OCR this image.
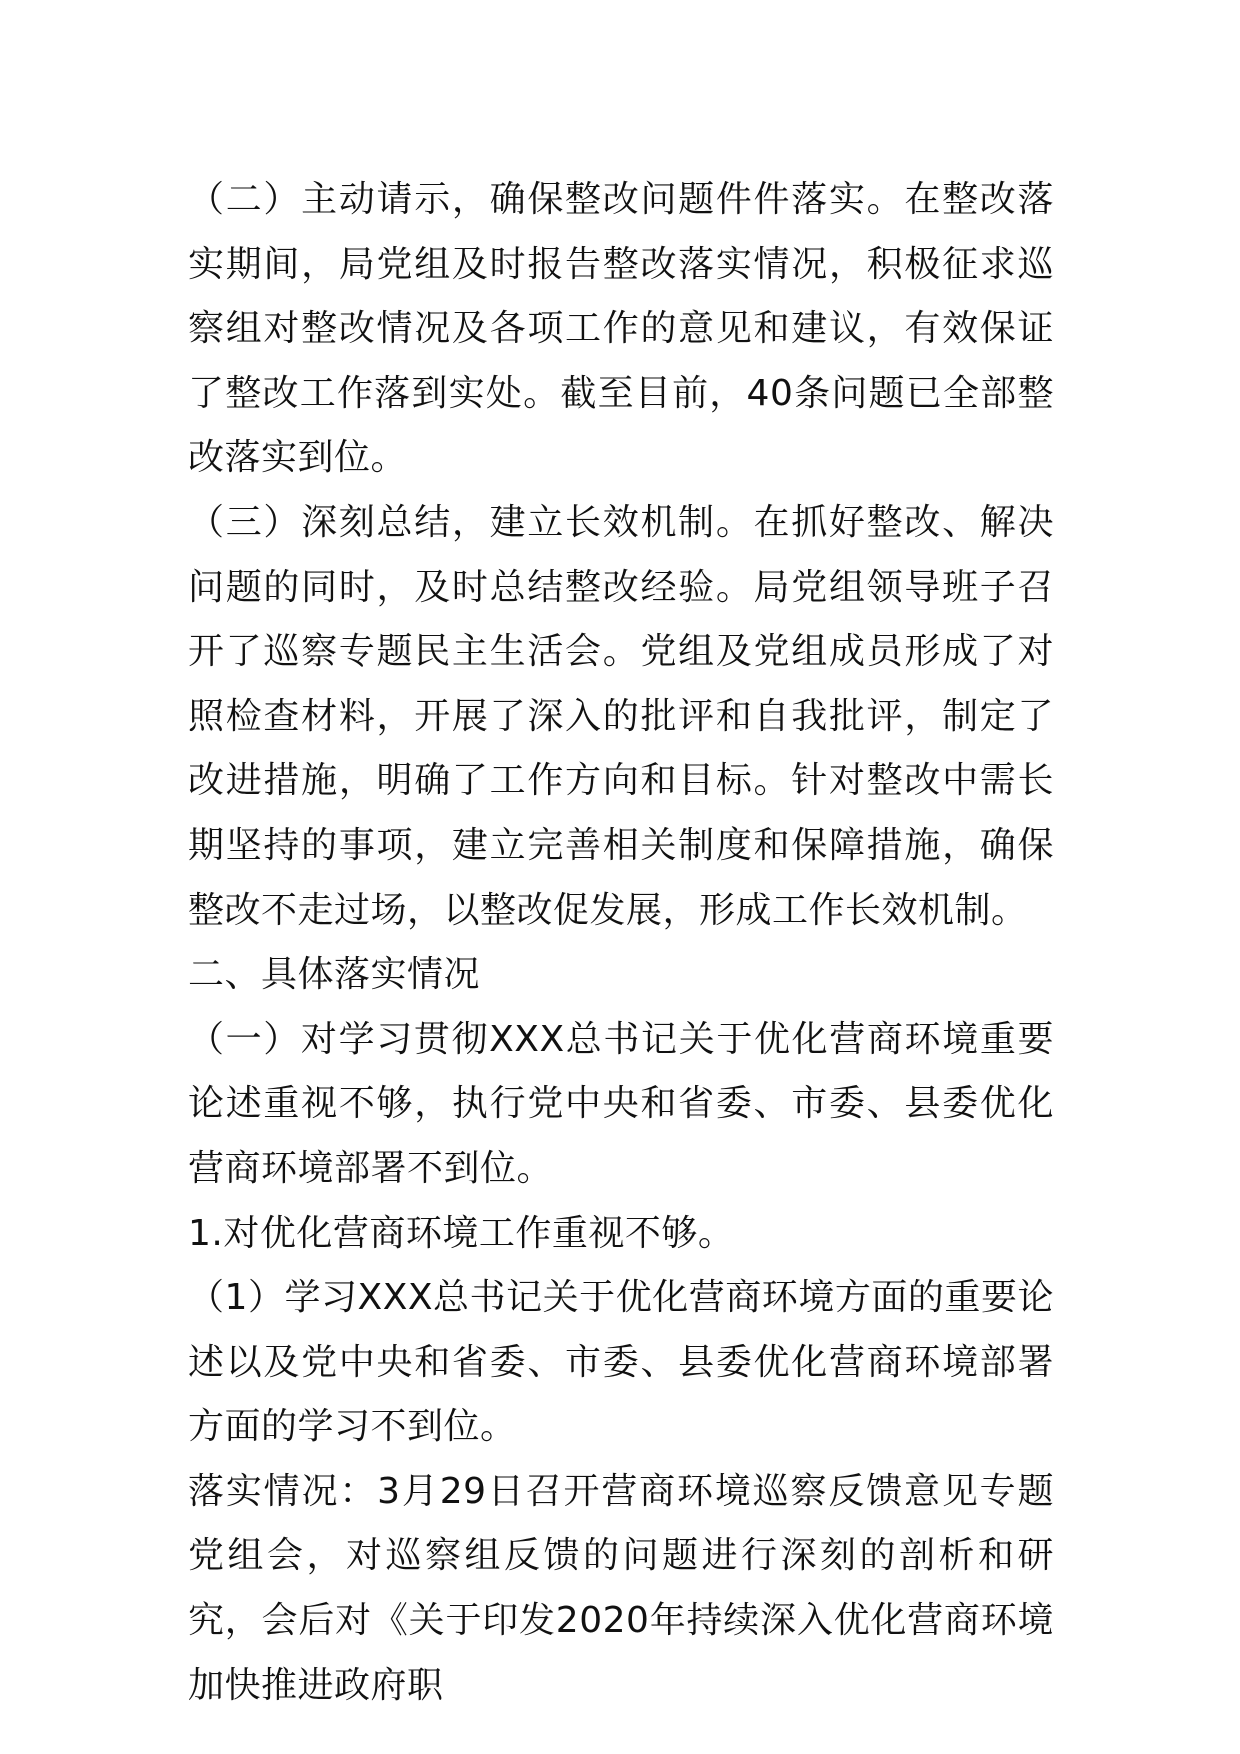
（二）主动请示，确保整改问题件件落实。在整改落实期间，局党组及时报告整改落实情况，积极征求巡察组对整改情况及各项工作的意见和建议，有效保证了整改工作落到实处。截至目前，40条问题已全部整改落实到位。

（三）深刻总结，建立长效机制。在抓好整改、解决问题的同时，及时总结整改经验。局党组领导班子召开了巡察专题民主生活会。党组及党组成员形成了对照检查材料，开展了深入的批评和自我批评，制定了改进措施，明确了工作方向和目标。针对整改中需长期坚持的事项，建立完善相关制度和保障措施，确保整改不走过场，以整改促发展，形成工作长效机制。

二、具体落实情况

（一）对学习贯彻XXX总书记关于优化营商环境重要论述重视不够，执行党中央和省委、市委、县委优化营商环境部署不到位。

1.对优化营商环境工作重视不够。

（1）学习XXX总书记关于优化营商环境方面的重要论述以及党中央和省委、市委、县委优化营商环境部署方面的学习不到位。

落实情况：3月29日召开营商环境巡察反馈意见专题党组会，对巡察组反馈的问题进行深刻的剖析和研究，会后对《关于印发2020年持续深入优化营商环境加快推进政府职
